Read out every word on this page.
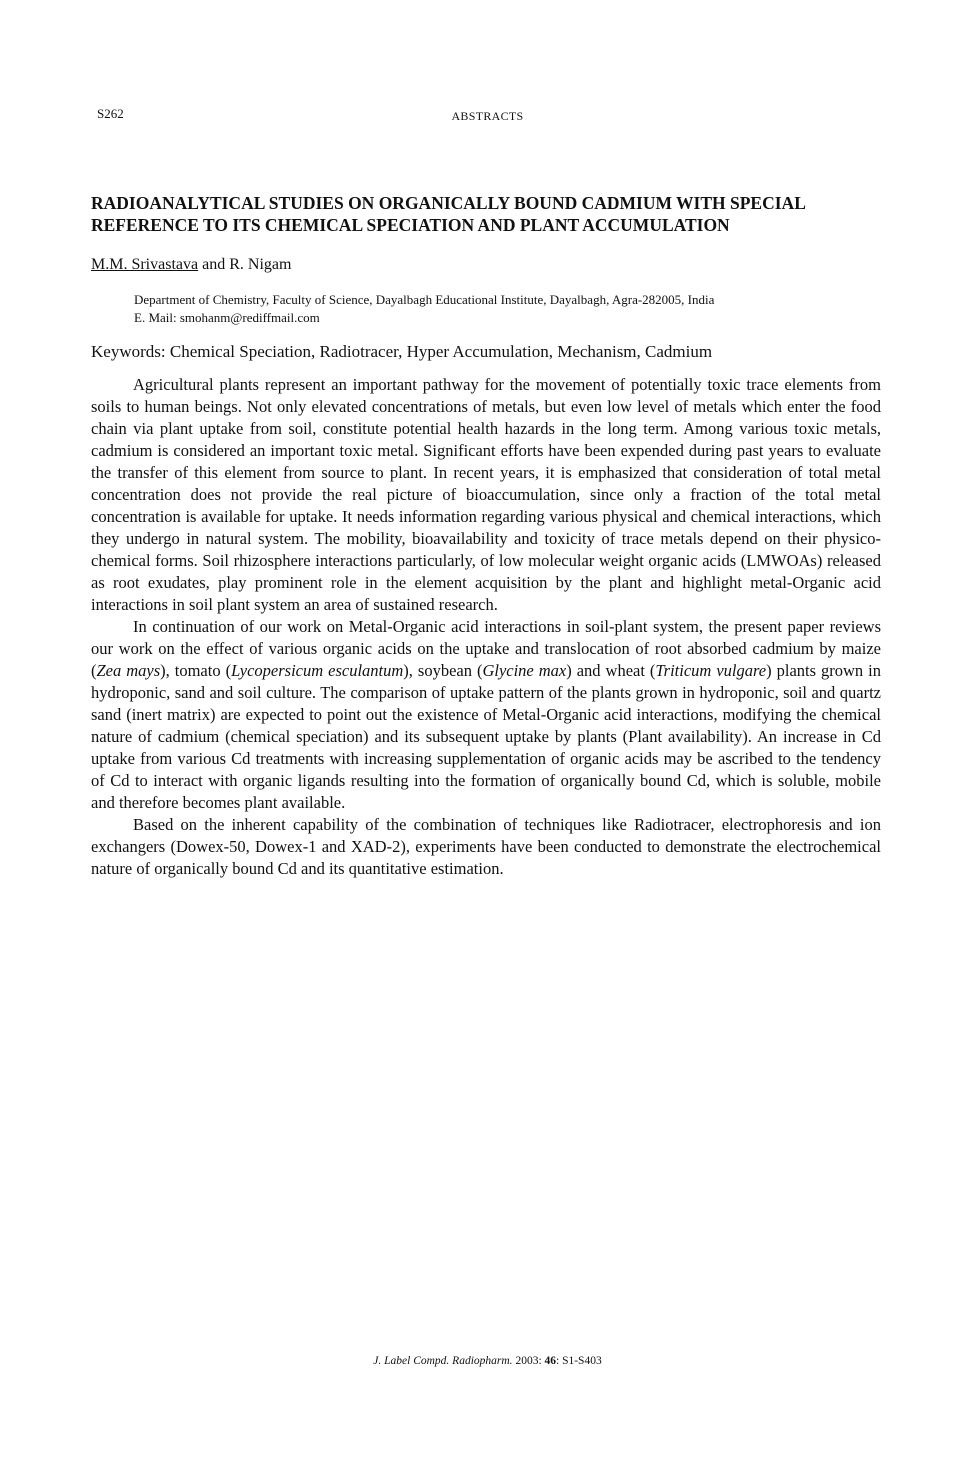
S262	ABSTRACTS
RADIOANALYTICAL STUDIES ON ORGANICALLY BOUND CADMIUM WITH SPECIAL REFERENCE TO ITS CHEMICAL SPECIATION AND PLANT ACCUMULATION
M.M. Srivastava and R. Nigam
Department of Chemistry, Faculty of Science, Dayalbagh Educational Institute, Dayalbagh, Agra-282005, India
E. Mail: smohanm@rediffmail.com
Keywords: Chemical Speciation, Radiotracer, Hyper Accumulation, Mechanism, Cadmium

Agricultural plants represent an important pathway for the movement of potentially toxic trace elements from soils to human beings. Not only elevated concentrations of metals, but even low level of metals which enter the food chain via plant uptake from soil, constitute potential health hazards in the long term. Among various toxic metals, cadmium is considered an important toxic metal. Significant efforts have been expended during past years to evaluate the transfer of this element from source to plant. In recent years, it is emphasized that consideration of total metal concentration does not provide the real picture of bioaccumulation, since only a fraction of the total metal concentration is available for uptake. It needs information regarding various physical and chemical interactions, which they undergo in natural system. The mobility, bioavailability and toxicity of trace metals depend on their physico-chemical forms. Soil rhizosphere interactions particularly, of low molecular weight organic acids (LMWOAs) released as root exudates, play prominent role in the element acquisition by the plant and highlight metal-Organic acid interactions in soil plant system an area of sustained research.

In continuation of our work on Metal-Organic acid interactions in soil-plant system, the present paper reviews our work on the effect of various organic acids on the uptake and translocation of root absorbed cadmium by maize (Zea mays), tomato (Lycopersicum esculantum), soybean (Glycine max) and wheat (Triticum vulgare) plants grown in hydroponic, sand and soil culture. The comparison of uptake pattern of the plants grown in hydroponic, soil and quartz sand (inert matrix) are expected to point out the existence of Metal-Organic acid interactions, modifying the chemical nature of cadmium (chemical speciation) and its subsequent uptake by plants (Plant availability). An increase in Cd uptake from various Cd treatments with increasing supplementation of organic acids may be ascribed to the tendency of Cd to interact with organic ligands resulting into the formation of organically bound Cd, which is soluble, mobile and therefore becomes plant available.

Based on the inherent capability of the combination of techniques like Radiotracer, electrophoresis and ion exchangers (Dowex-50, Dowex-1 and XAD-2), experiments have been conducted to demonstrate the electrochemical nature of organically bound Cd and its quantitative estimation.

J. Label Compd. Radiopharm. 2003: 46: S1-S403
